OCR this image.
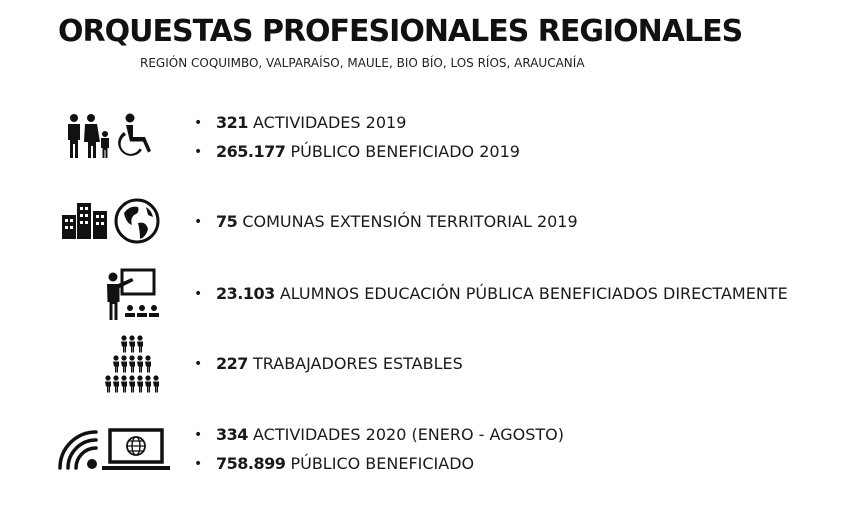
ORQUESTAS PROFESIONALES REGIONALES
REGIÓN COQUIMBO, VALPARAÍSO, MAULE, BIO BÍO, LOS RÍOS, ARAUCANÍA
• 321 ACTIVIDADES 2019
• 265.177 PÚBLICO BENEFICIADO 2019
• 75 COMUNAS EXTENSIÓN TERRITORIAL 2019
• 23.103 ALUMNOS EDUCACIÓN PÚBLICA BENEFICIADOS DIRECTAMENTE
• 227 TRABAJADORES ESTABLES
• 334 ACTIVIDADES 2020 (ENERO - AGOSTO)
• 758.899 PÚBLICO BENEFICIADO
